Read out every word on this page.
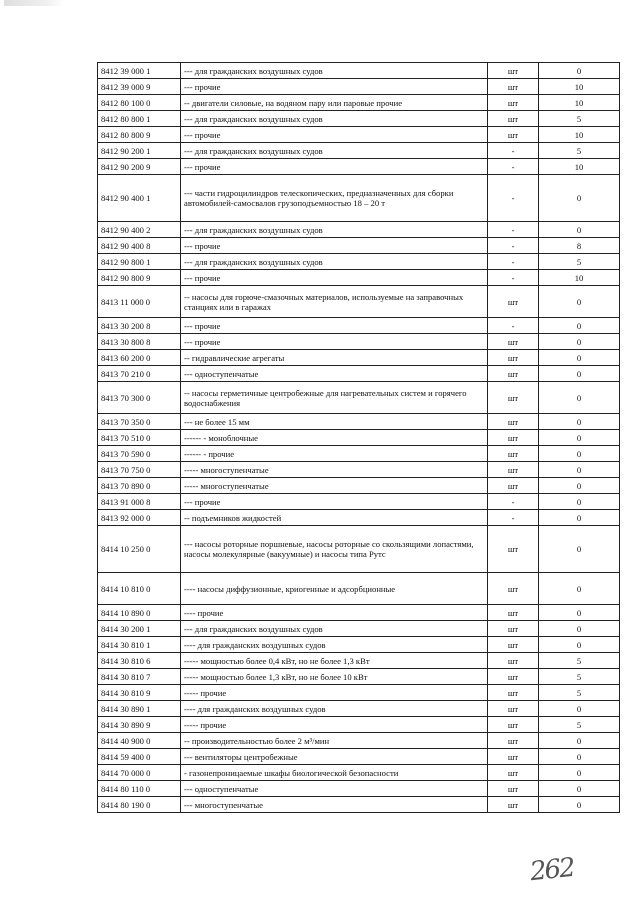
8412 39 000 1	--- для гражданских воздушных судов	шт	0
8412 39 000 9	--- прочие	шт	10
8412 80 100 0	-- двигатели силовые, на водяном пару или паровые прочие	шт	10
8412 80 800 1	--- для гражданских воздушных судов	шт	5
8412 80 800 9	--- прочие	шт	10
8412 90 200 1	--- для гражданских воздушных судов	-	5
8412 90 200 9	--- прочие	-	10
8412 90 400 1	--- части гидроцилиндров телескопических, предназначенных для сборки автомобилей-самосвалов грузоподъемностью 18 – 20 т	-	0
8412 90 400 2	--- для гражданских воздушных судов	-	0
8412 90 400 8	--- прочие	-	8
8412 90 800 1	--- для гражданских воздушных судов	-	5
8412 90 800 9	--- прочие	-	10
8413 11 000 0	-- насосы для горюче-смазочных материалов, используемые на заправочных станциях или в гаражах	шт	0
8413 30 200 8	--- прочие	-	0
8413 30 800 8	--- прочие	шт	0
8413 60 200 0	-- гидравлические агрегаты	шт	0
8413 70 210 0	--- одноступенчатые	шт	0
8413 70 300 0	-- насосы герметичные центробежные для нагревательных систем и горячего водоснабжения	шт	0
8413 70 350 0	--- не более 15 мм	шт	0
8413 70 510 0	------ - моноблочные	шт	0
8413 70 590 0	------ - прочие	шт	0
8413 70 750 0	----- многоступенчатые	шт	0
8413 70 890 0	----- многоступенчатые	шт	0
8413 91 000 8	--- прочие	-	0
8413 92 000 0	-- подъемников жидкостей	-	0
8414 10 250 0	--- насосы роторные поршневые, насосы роторные со скользящими лопастями, насосы молекулярные (вакуумные) и насосы типа Рутс	шт	0
8414 10 810 0	---- насосы диффузионные, криогенные и адсорбционные	шт	0
8414 10 890 0	---- прочие	шт	0
8414 30 200 1	--- для гражданских воздушных судов	шт	0
8414 30 810 1	---- для гражданских воздушных судов	шт	0
8414 30 810 6	----- мощностью более 0,4 кВт, но не более 1,3 кВт	шт	5
8414 30 810 7	----- мощностью более 1,3 кВт, но не более 10 кВт	шт	5
8414 30 810 9	----- прочие	шт	5
8414 30 890 1	---- для гражданских воздушных судов	шт	0
8414 30 890 9	----- прочие	шт	5
8414 40 900 0	-- производительностью более 2 м³/мин	шт	0
8414 59 400 0	--- вентиляторы центробежные	шт	0
8414 70 000 0	- газонепроницаемые шкафы биологической безопасности	шт	0
8414 80 110 0	--- одноступенчатые	шт	0
8414 80 190 0	--- многоступенчатые	шт	0
262
